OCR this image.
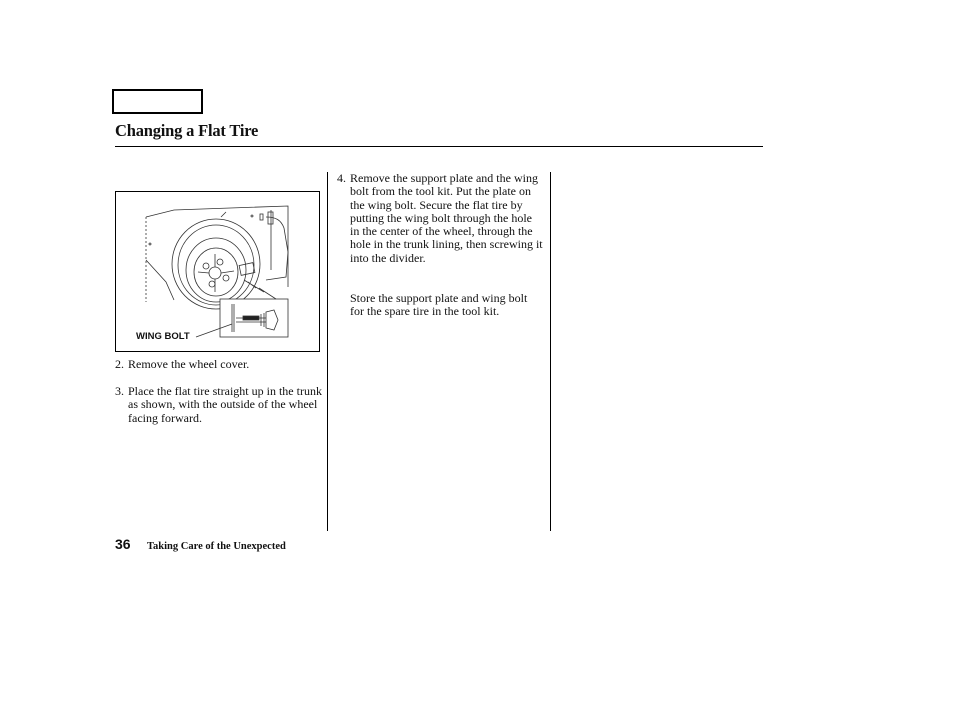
Changing a Flat Tire
WING BOLT
2. Remove the wheel cover.
3. Place the flat tire straight up in the trunk as shown, with the outside of the wheel facing forward.
4. Remove the support plate and the wing bolt from the tool kit. Put the plate on the wing bolt. Secure the flat tire by putting the wing bolt through the hole in the center of the wheel, through the hole in the trunk lining, then screwing it into the divider.
Store the support plate and wing bolt for the spare tire in the tool kit.
36 Taking Care of the Unexpected
